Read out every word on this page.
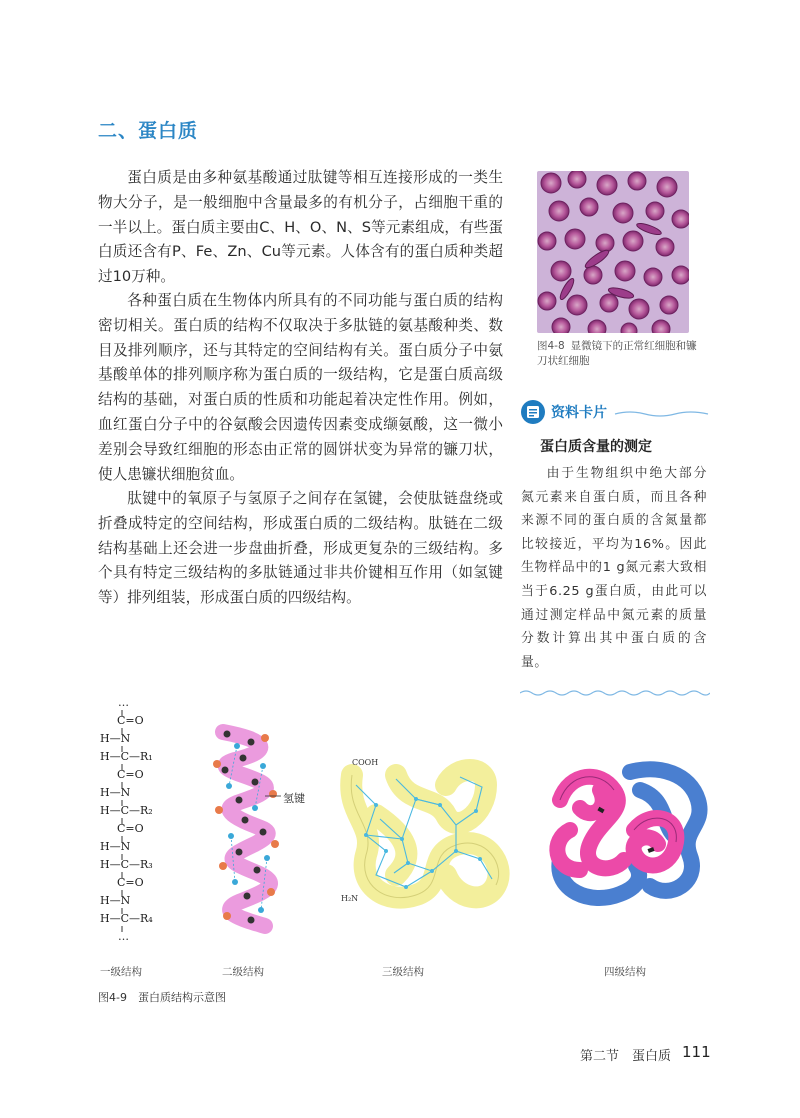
二、蛋白质
蛋白质是由多种氨基酸通过肽键等相互连接形成的一类生物大分子，是一般细胞中含量最多的有机分子，占细胞干重的一半以上。蛋白质主要由C、H、O、N、S等元素组成，有些蛋白质还含有P、Fe、Zn、Cu等元素。人体含有的蛋白质种类超过10万种。
各种蛋白质在生物体内所具有的不同功能与蛋白质的结构密切相关。蛋白质的结构不仅取决于多肽链的氨基酸种类、数目及排列顺序，还与其特定的空间结构有关。蛋白质分子中氨基酸单体的排列顺序称为蛋白质的一级结构，它是蛋白质高级结构的基础，对蛋白质的性质和功能起着决定性作用。例如，血红蛋白分子中的谷氨酸会因遗传因素变成缬氨酸，这一微小差别会导致红细胞的形态由正常的圆饼状变为异常的镰刀状，使人患镰状细胞贫血。
肽键中的氧原子与氢原子之间存在氢键，会使肽链盘绕或折叠成特定的空间结构，形成蛋白质的二级结构。肽链在二级结构基础上还会进一步盘曲折叠，形成更复杂的三级结构。多个具有特定三级结构的多肽链通过非共价键相互作用（如氢键等）排列组装，形成蛋白质的四级结构。
图4-8 显微镜下的正常红细胞和镰刀状红细胞
资料卡片
蛋白质含量的测定
由于生物组织中绝大部分氮元素来自蛋白质，而且各种来源不同的蛋白质的含氮量都比较接近，平均为16%。因此生物样品中的1 g氮元素大致相当于6.25 g蛋白质，由此可以通过测定样品中氮元素的质量分数计算出其中蛋白质的含量。
…
C=O
H—N
H—C—R₁
C=O
H—N
H—C—R₂
C=O
H—N
H—C—R₃
C=O
H—N
H—C—R₄
…
氢键
COOH
H₂N
一级结构	二级结构	三级结构	四级结构
图4-9　蛋白质结构示意图
第二节　蛋白质 111
